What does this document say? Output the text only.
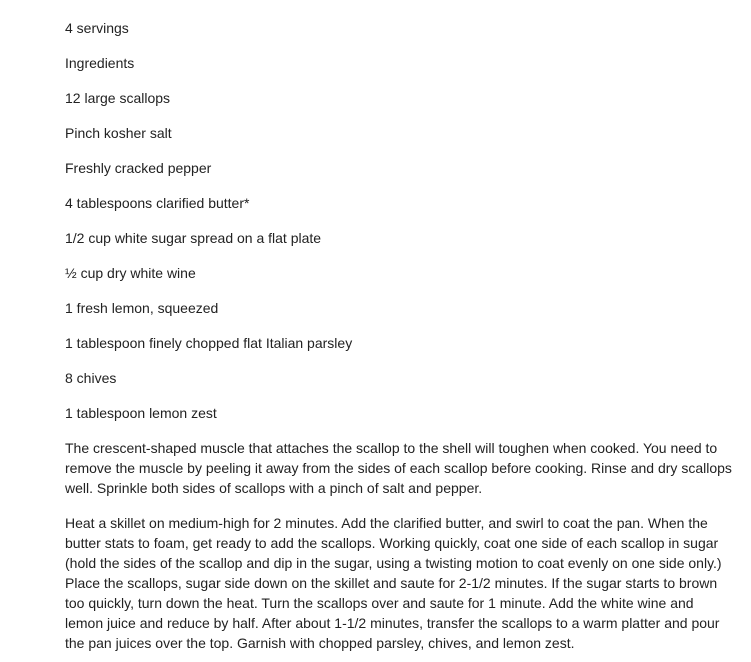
4 servings
Ingredients
12 large scallops
Pinch kosher salt
Freshly cracked pepper
4 tablespoons clarified butter*
1/2 cup white sugar spread on a flat plate
½ cup dry white wine
1 fresh lemon, squeezed
1 tablespoon finely chopped flat Italian parsley
8 chives
1 tablespoon lemon zest

The crescent-shaped muscle that attaches the scallop to the shell will toughen when cooked. You need to remove the muscle by peeling it away from the sides of each scallop before cooking. Rinse and dry scallops well. Sprinkle both sides of scallops with a pinch of salt and pepper.

Heat a skillet on medium-high for 2 minutes. Add the clarified butter, and swirl to coat the pan. When the butter stats to foam, get ready to add the scallops. Working quickly, coat one side of each scallop in sugar (hold the sides of the scallop and dip in the sugar, using a twisting motion to coat evenly on one side only.) Place the scallops, sugar side down on the skillet and saute for 2-1/2 minutes. If the sugar starts to brown too quickly, turn down the heat. Turn the scallops over and saute for 1 minute. Add the white wine and lemon juice and reduce by half. After about 1-1/2 minutes, transfer the scallops to a warm platter and pour the pan juices over the top. Garnish with chopped parsley, chives, and lemon zest.
